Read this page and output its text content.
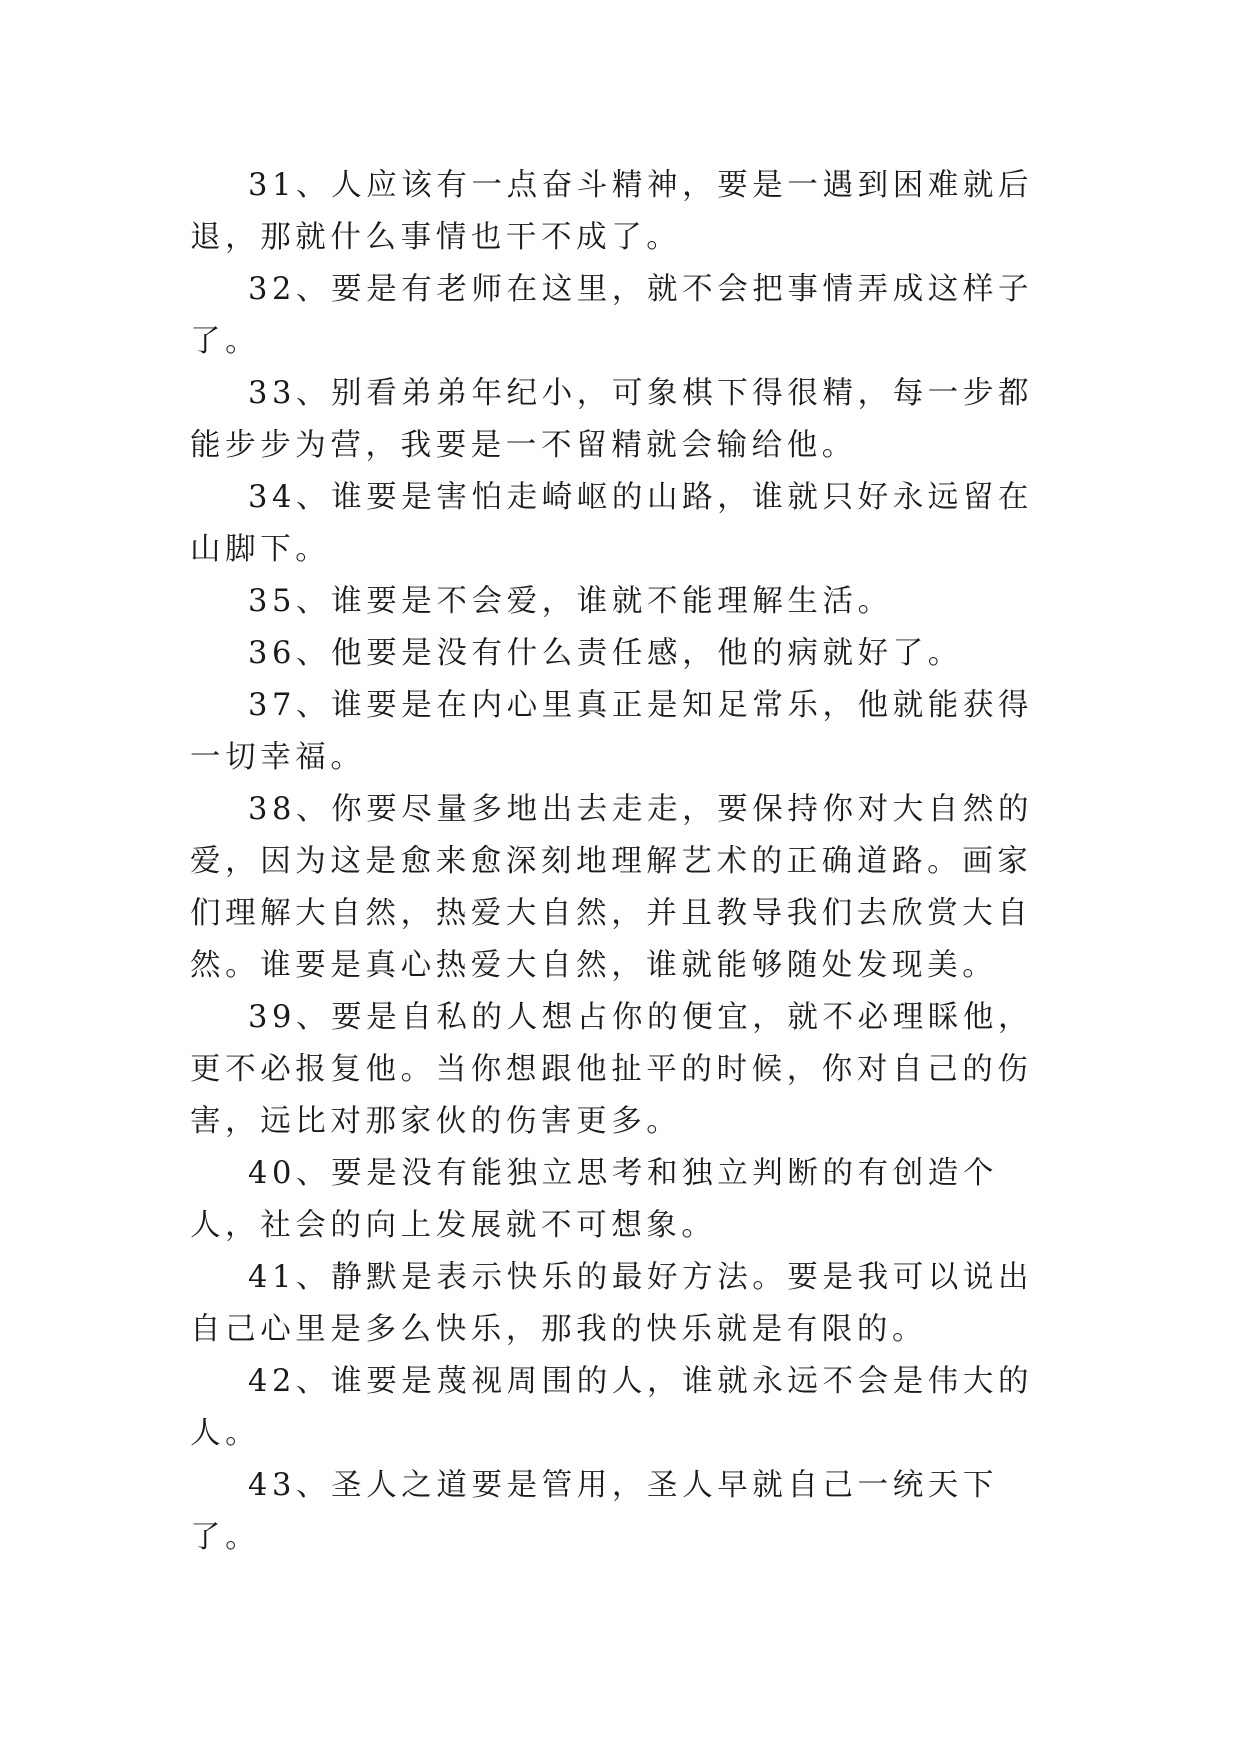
31、人应该有一点奋斗精神，要是一遇到困难就后退，那就什么事情也干不成了。

32、要是有老师在这里，就不会把事情弄成这样子了。

33、别看弟弟年纪小，可象棋下得很精，每一步都能步步为营，我要是一不留精就会输给他。

34、谁要是害怕走崎岖的山路，谁就只好永远留在山脚下。

35、谁要是不会爱，谁就不能理解生活。

36、他要是没有什么责任感，他的病就好了。

37、谁要是在内心里真正是知足常乐，他就能获得一切幸福。

38、你要尽量多地出去走走，要保持你对大自然的爱，因为这是愈来愈深刻地理解艺术的正确道路。画家们理解大自然，热爱大自然，并且教导我们去欣赏大自然。谁要是真心热爱大自然，谁就能够随处发现美。

39、要是自私的人想占你的便宜，就不必理睬他，更不必报复他。当你想跟他扯平的时候，你对自己的伤害，远比对那家伙的伤害更多。

40、要是没有能独立思考和独立判断的有创造个人，社会的向上发展就不可想象。

41、静默是表示快乐的最好方法。要是我可以说出自己心里是多么快乐，那我的快乐就是有限的。

42、谁要是蔑视周围的人，谁就永远不会是伟大的人。

43、圣人之道要是管用，圣人早就自己一统天下了。
